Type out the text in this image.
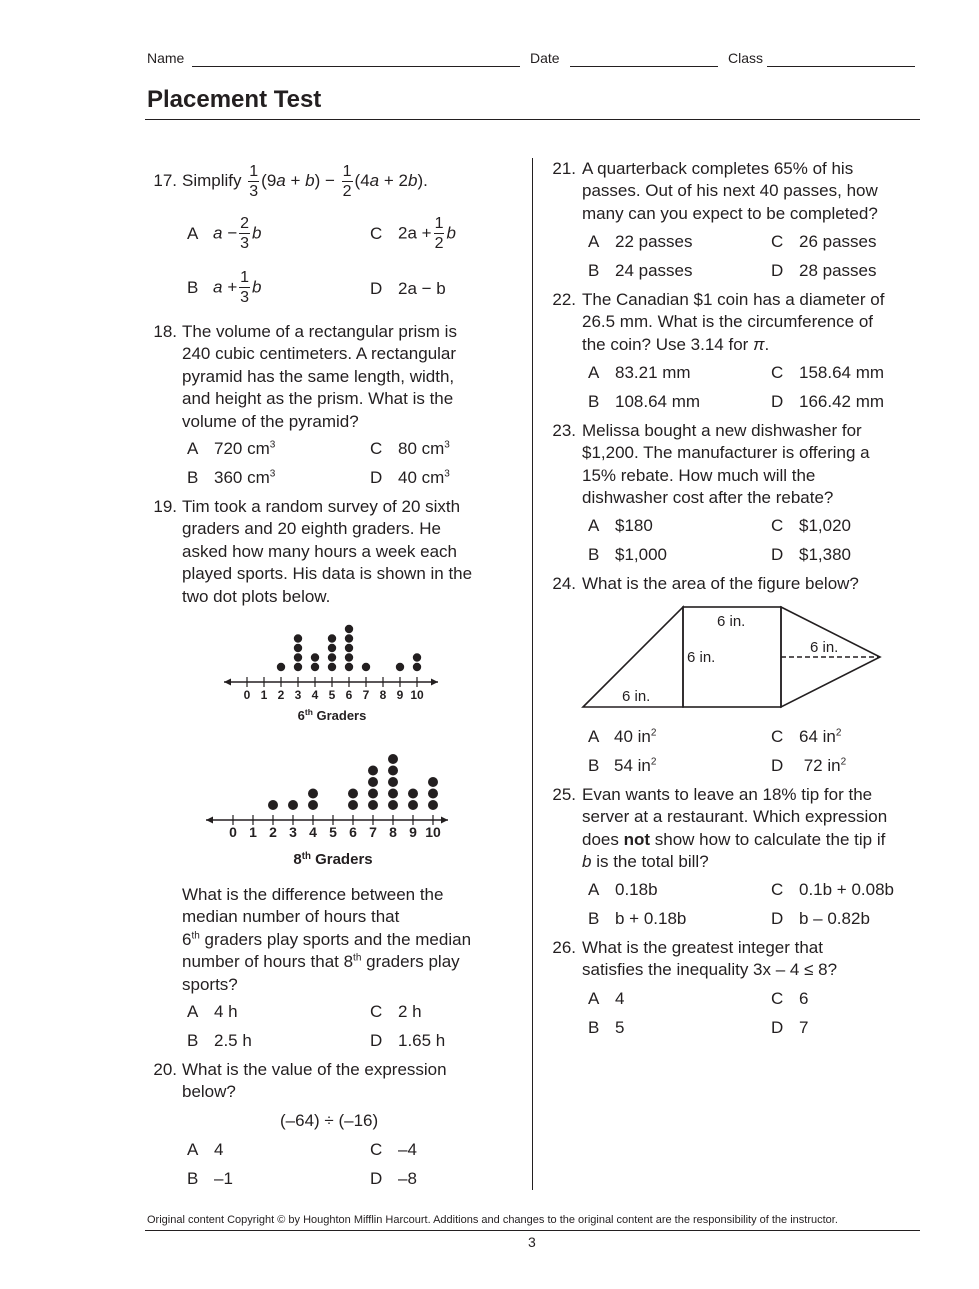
Name	Date	Class
Placement Test
17. Simplify $\frac{1}{3} (9a + b) - \frac{1}{2} (4a + 2b)$.
A $a - \frac{2}{3}$ b	C $2a + \frac{1}{2}$ b
B $a + \frac{1}{3}$ b	D 2a − b
18. The volume of a rectangular prism is
240 cubic centimeters. A rectangular
pyramid has the same length, width,
and height as the prism. What is the
volume of the pyramid?
A 720 $cm^3$	C 80 $cm^3$
B 360 $cm^3$	D 40 $cm^3$
19. Tim took a random survey of 20 sixth
graders and 20 eighth graders. He
asked how many hours a week each
played sports. His data is shown in the
two dot plots below.
0 1 2 3 4 5 6 7 8 9 10
6th Graders
0 1 2 3 4 5 6 7 8 9 10
8th Graders
What is the difference between the
median number of hours that
6th graders play sports and the median
number of hours that 8th graders play
sports?
A 4 h	C 2 h
B 2.5 h	D 1.65 h
20. What is the value of the expression
below?
(–64) ÷ (–16)
A 4	C –4
B –1	D –8
21. A quarterback completes 65% of his
passes. Out of his next 40 passes, how
many can you expect to be completed?
A 22 passes	C 26 passes
B 24 passes	D 28 passes
22. The Canadian $1 coin has a diameter of
26.5 mm. What is the circumference of
the coin? Use 3.14 for π.
A 83.21 mm	C 158.64 mm
B 108.64 mm	D 166.42 mm
23. Melissa bought a new dishwasher for
$1,200. The manufacturer is offering a
15% rebate. How much will the
dishwasher cost after the rebate?
A $180	C $1,020
B $1,000	D $1,380
24. What is the area of the figure below?
6 in.
6 in.
6 in.
6 in.
A 40 $in^2$	C 64 $in^2$
B 54 $in^2$	D 72 $in^2$
25. Evan wants to leave an 18% tip for the
server at a restaurant. Which expression
does not show how to calculate the tip if
b is the total bill?
A 0.18b	C 0.1b + 0.08b
B b + 0.18b	D b – 0.82b
26. What is the greatest integer that
satisfies the inequality 3x – 4 ≤ 8?
A 4	C 6
B 5	D 7
Original content Copyright © by Houghton Mifflin Harcourt. Additions and changes to the original content are the responsibility of the instructor.
3
